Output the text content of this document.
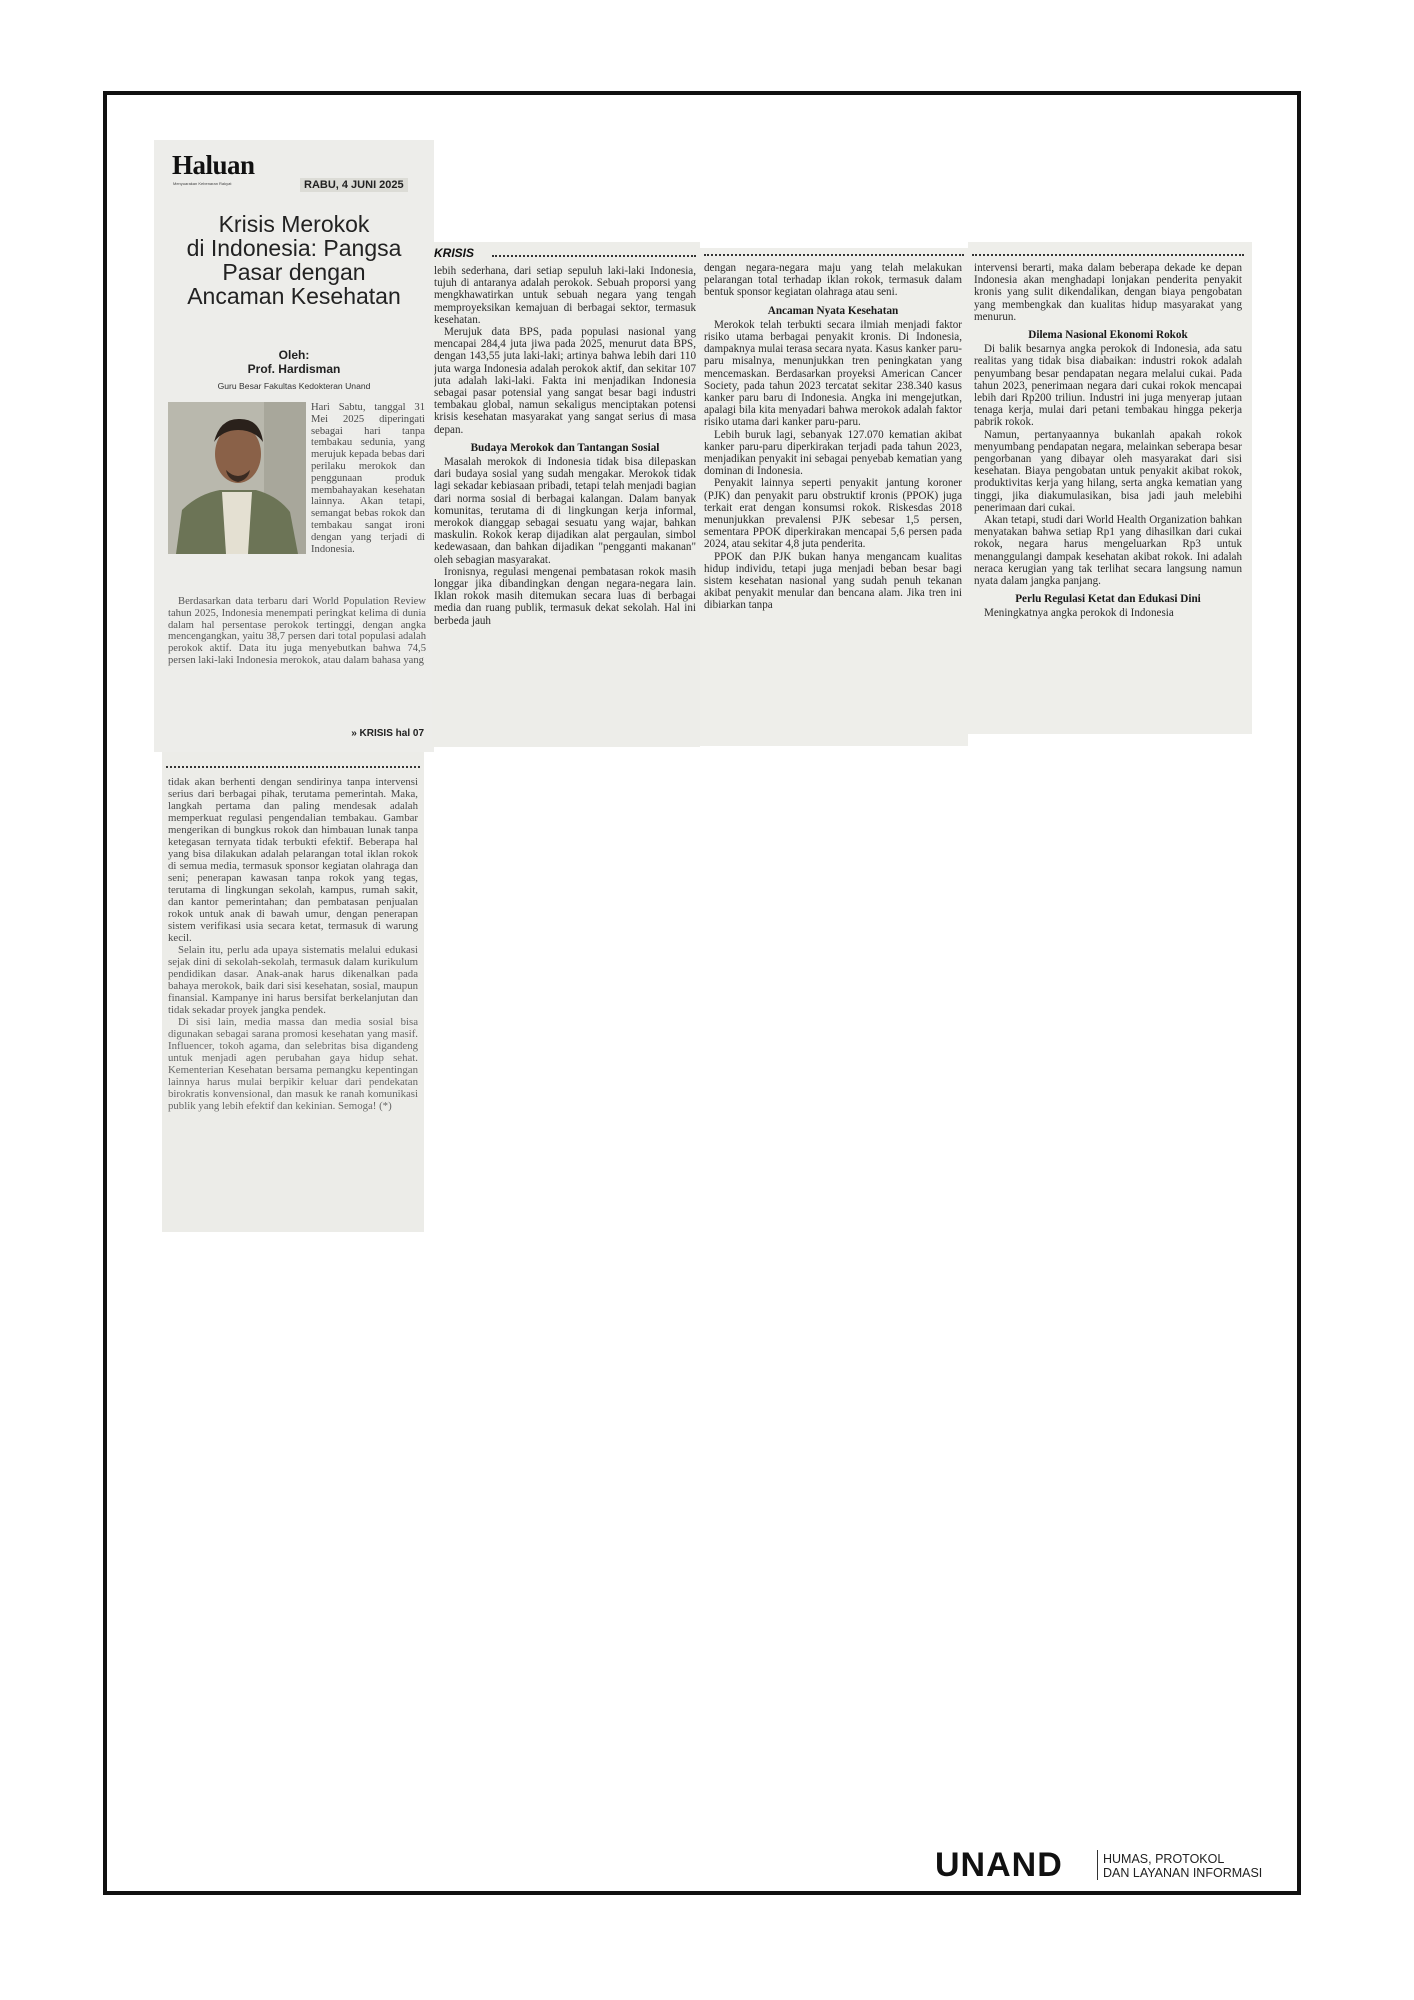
Haluan
Menyuarakan Kebenaran Rakyat	RABU, 4 JUNI 2025
Krisis Merokok
di Indonesia: Pangsa
Pasar dengan
Ancaman Kesehatan
Oleh:
Prof. Hardisman
Guru Besar Fakultas Kedokteran Unand
Hari Sabtu, tanggal 31 Mei 2025 diperingati sebagai hari tanpa tembakau sedunia, yang merujuk kepada bebas dari perilaku merokok dan penggunaan produk membahayakan kesehatan lainnya. Akan tetapi, semangat bebas rokok dan tembakau sangat ironi dengan yang terjadi di Indonesia.
Berdasarkan data terbaru dari World Population Review tahun 2025, Indonesia menempati peringkat kelima di dunia dalam hal persentase perokok tertinggi, dengan angka mencengangkan, yaitu 38,7 persen dari total populasi adalah perokok aktif. Data itu juga menyebutkan bahwa 74,5 persen laki-laki Indonesia merokok, atau dalam bahasa yang
» KRISIS hal 07
KRISIS

lebih sederhana, dari setiap sepuluh laki-laki Indonesia, tujuh di antaranya adalah perokok. Sebuah proporsi yang mengkhawatirkan untuk sebuah negara yang tengah memproyeksikan kemajuan di berbagai sektor, termasuk kesehatan.

Merujuk data BPS, pada populasi nasional yang mencapai 284,4 juta jiwa pada 2025, menurut data BPS, dengan 143,55 juta laki-laki; artinya bahwa lebih dari 110 juta warga Indonesia adalah perokok aktif, dan sekitar 107 juta adalah laki-laki. Fakta ini menjadikan Indonesia sebagai pasar potensial yang sangat besar bagi industri tembakau global, namun sekaligus menciptakan potensi krisis kesehatan masyarakat yang sangat serius di masa depan.

Budaya Merokok dan Tantangan Sosial

Masalah merokok di Indonesia tidak bisa dilepaskan dari budaya sosial yang sudah mengakar. Merokok tidak lagi sekadar kebiasaan pribadi, tetapi telah menjadi bagian dari norma sosial di berbagai kalangan. Dalam banyak komunitas, terutama di di lingkungan kerja informal, merokok dianggap sebagai sesuatu yang wajar, bahkan maskulin. Rokok kerap dijadikan alat pergaulan, simbol kedewasaan, dan bahkan dijadikan "pengganti makanan" oleh sebagian masyarakat.

Ironisnya, regulasi mengenai pembatasan rokok masih longgar jika dibandingkan dengan negara-negara lain. Iklan rokok masih ditemukan secara luas di berbagai media dan ruang publik, termasuk dekat sekolah. Hal ini berbeda jauh

dengan negara-negara maju yang telah melakukan pelarangan total terhadap iklan rokok, termasuk dalam bentuk sponsor kegiatan olahraga atau seni.

Ancaman Nyata Kesehatan

Merokok telah terbukti secara ilmiah menjadi faktor risiko utama berbagai penyakit kronis. Di Indonesia, dampaknya mulai terasa secara nyata. Kasus kanker paru-paru misalnya, menunjukkan tren peningkatan yang mencemaskan. Berdasarkan proyeksi American Cancer Society, pada tahun 2023 tercatat sekitar 238.340 kasus kanker paru baru di Indonesia. Angka ini mengejutkan, apalagi bila kita menyadari bahwa merokok adalah faktor risiko utama dari kanker paru-paru.

Lebih buruk lagi, sebanyak 127.070 kematian akibat kanker paru-paru diperkirakan terjadi pada tahun 2023, menjadikan penyakit ini sebagai penyebab kematian yang dominan di Indonesia.

Penyakit lainnya seperti penyakit jantung koroner (PJK) dan penyakit paru obstruktif kronis (PPOK) juga terkait erat dengan konsumsi rokok. Riskesdas 2018 menunjukkan prevalensi PJK sebesar 1,5 persen, sementara PPOK diperkirakan mencapai 5,6 persen pada 2024, atau sekitar 4,8 juta penderita.

PPOK dan PJK bukan hanya mengancam kualitas hidup individu, tetapi juga menjadi beban besar bagi sistem kesehatan nasional yang sudah penuh tekanan akibat penyakit menular dan bencana alam. Jika tren ini dibiarkan tanpa

intervensi berarti, maka dalam beberapa dekade ke depan Indonesia akan menghadapi lonjakan penderita penyakit kronis yang sulit dikendalikan, dengan biaya pengobatan yang membengkak dan kualitas hidup masyarakat yang menurun.

Dilema Nasional Ekonomi Rokok

Di balik besarnya angka perokok di Indonesia, ada satu realitas yang tidak bisa diabaikan: industri rokok adalah penyumbang besar pendapatan negara melalui cukai. Pada tahun 2023, penerimaan negara dari cukai rokok mencapai lebih dari Rp200 triliun. Industri ini juga menyerap jutaan tenaga kerja, mulai dari petani tembakau hingga pekerja pabrik rokok.

Namun, pertanyaannya bukanlah apakah rokok menyumbang pendapatan negara, melainkan seberapa besar pengorbanan yang dibayar oleh masyarakat dari sisi kesehatan. Biaya pengobatan untuk penyakit akibat rokok, produktivitas kerja yang hilang, serta angka kematian yang tinggi, jika diakumulasikan, bisa jadi jauh melebihi penerimaan dari cukai.

Akan tetapi, studi dari World Health Organization bahkan menyatakan bahwa setiap Rp1 yang dihasilkan dari cukai rokok, negara harus mengeluarkan Rp3 untuk menanggulangi dampak kesehatan akibat rokok. Ini adalah neraca kerugian yang tak terlihat secara langsung namun nyata dalam jangka panjang.

Perlu Regulasi Ketat dan Edukasi Dini

Meningkatnya angka perokok di Indonesia

tidak akan berhenti dengan sendirinya tanpa intervensi serius dari berbagai pihak, terutama pemerintah. Maka, langkah pertama dan paling mendesak adalah memperkuat regulasi pengendalian tembakau. Gambar mengerikan di bungkus rokok dan himbauan lunak tanpa ketegasan ternyata tidak terbukti efektif. Beberapa hal yang bisa dilakukan adalah pelarangan total iklan rokok di semua media, termasuk sponsor kegiatan olahraga dan seni; penerapan kawasan tanpa rokok yang tegas, terutama di lingkungan sekolah, kampus, rumah sakit, dan kantor pemerintahan; dan pembatasan penjualan rokok untuk anak di bawah umur, dengan penerapan sistem verifikasi usia secara ketat, termasuk di warung kecil.

Selain itu, perlu ada upaya sistematis melalui edukasi sejak dini di sekolah-sekolah, termasuk dalam kurikulum pendidikan dasar. Anak-anak harus dikenalkan pada bahaya merokok, baik dari sisi kesehatan, sosial, maupun finansial. Kampanye ini harus bersifat berkelanjutan dan tidak sekadar proyek jangka pendek.

Di sisi lain, media massa dan media sosial bisa digunakan sebagai sarana promosi kesehatan yang masif. Influencer, tokoh agama, dan selebritas bisa digandeng untuk menjadi agen perubahan gaya hidup sehat. Kementerian Kesehatan bersama pemangku kepentingan lainnya harus mulai berpikir keluar dari pendekatan birokratis konvensional, dan masuk ke ranah komunikasi publik yang lebih efektif dan kekinian. Semoga! (*)

UNAND	HUMAS, PROTOKOL
DAN LAYANAN INFORMASI
